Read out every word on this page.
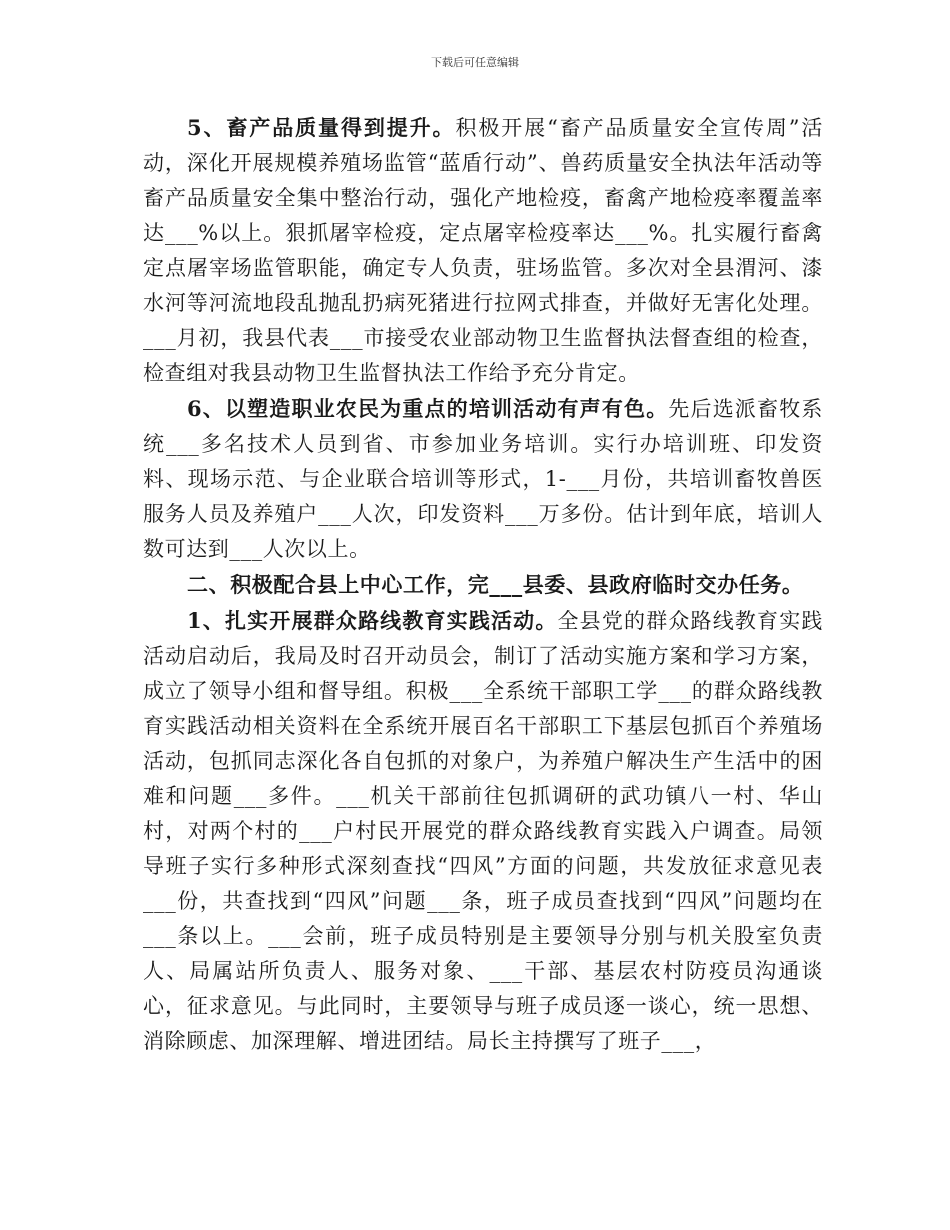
下载后可任意编辑

5、畜产品质量得到提升。积极开展“畜产品质量安全宣传周”活动，深化开展规模养殖场监管“蓝盾行动”、兽药质量安全执法年活动等畜产品质量安全集中整治行动，强化产地检疫，畜禽产地检疫率覆盖率达___%以上。狠抓屠宰检疫，定点屠宰检疫率达___%。扎实履行畜禽定点屠宰场监管职能，确定专人负责，驻场监管。多次对全县渭河、漆水河等河流地段乱抛乱扔病死猪进行拉网式排查，并做好无害化处理。___月初，我县代表___市接受农业部动物卫生监督执法督查组的检查，检查组对我县动物卫生监督执法工作给予充分肯定。

6、以塑造职业农民为重点的培训活动有声有色。先后选派畜牧系统___多名技术人员到省、市参加业务培训。实行办培训班、印发资料、现场示范、与企业联合培训等形式，1-___月份，共培训畜牧兽医服务人员及养殖户___人次，印发资料___万多份。估计到年底，培训人数可达到___人次以上。

二、积极配合县上中心工作，完___县委、县政府临时交办任务。

1、扎实开展群众路线教育实践活动。全县党的群众路线教育实践活动启动后，我局及时召开动员会，制订了活动实施方案和学习方案，成立了领导小组和督导组。积极___全系统干部职工学___的群众路线教育实践活动相关资料在全系统开展百名干部职工下基层包抓百个养殖场活动，包抓同志深化各自包抓的对象户，为养殖户解决生产生活中的困难和问题___多件。___机关干部前往包抓调研的武功镇八一村、华山村，对两个村的___户村民开展党的群众路线教育实践入户调查。局领导班子实行多种形式深刻查找“四风”方面的问题，共发放征求意见表___份，共查找到“四风”问题___条，班子成员查找到“四风”问题均在___条以上。___会前，班子成员特别是主要领导分别与机关股室负责人、局属站所负责人、服务对象、___干部、基层农村防疫员沟通谈心，征求意见。与此同时，主要领导与班子成员逐一谈心，统一思想、消除顾虑、加深理解、增进团结。局长主持撰写了班子___，
